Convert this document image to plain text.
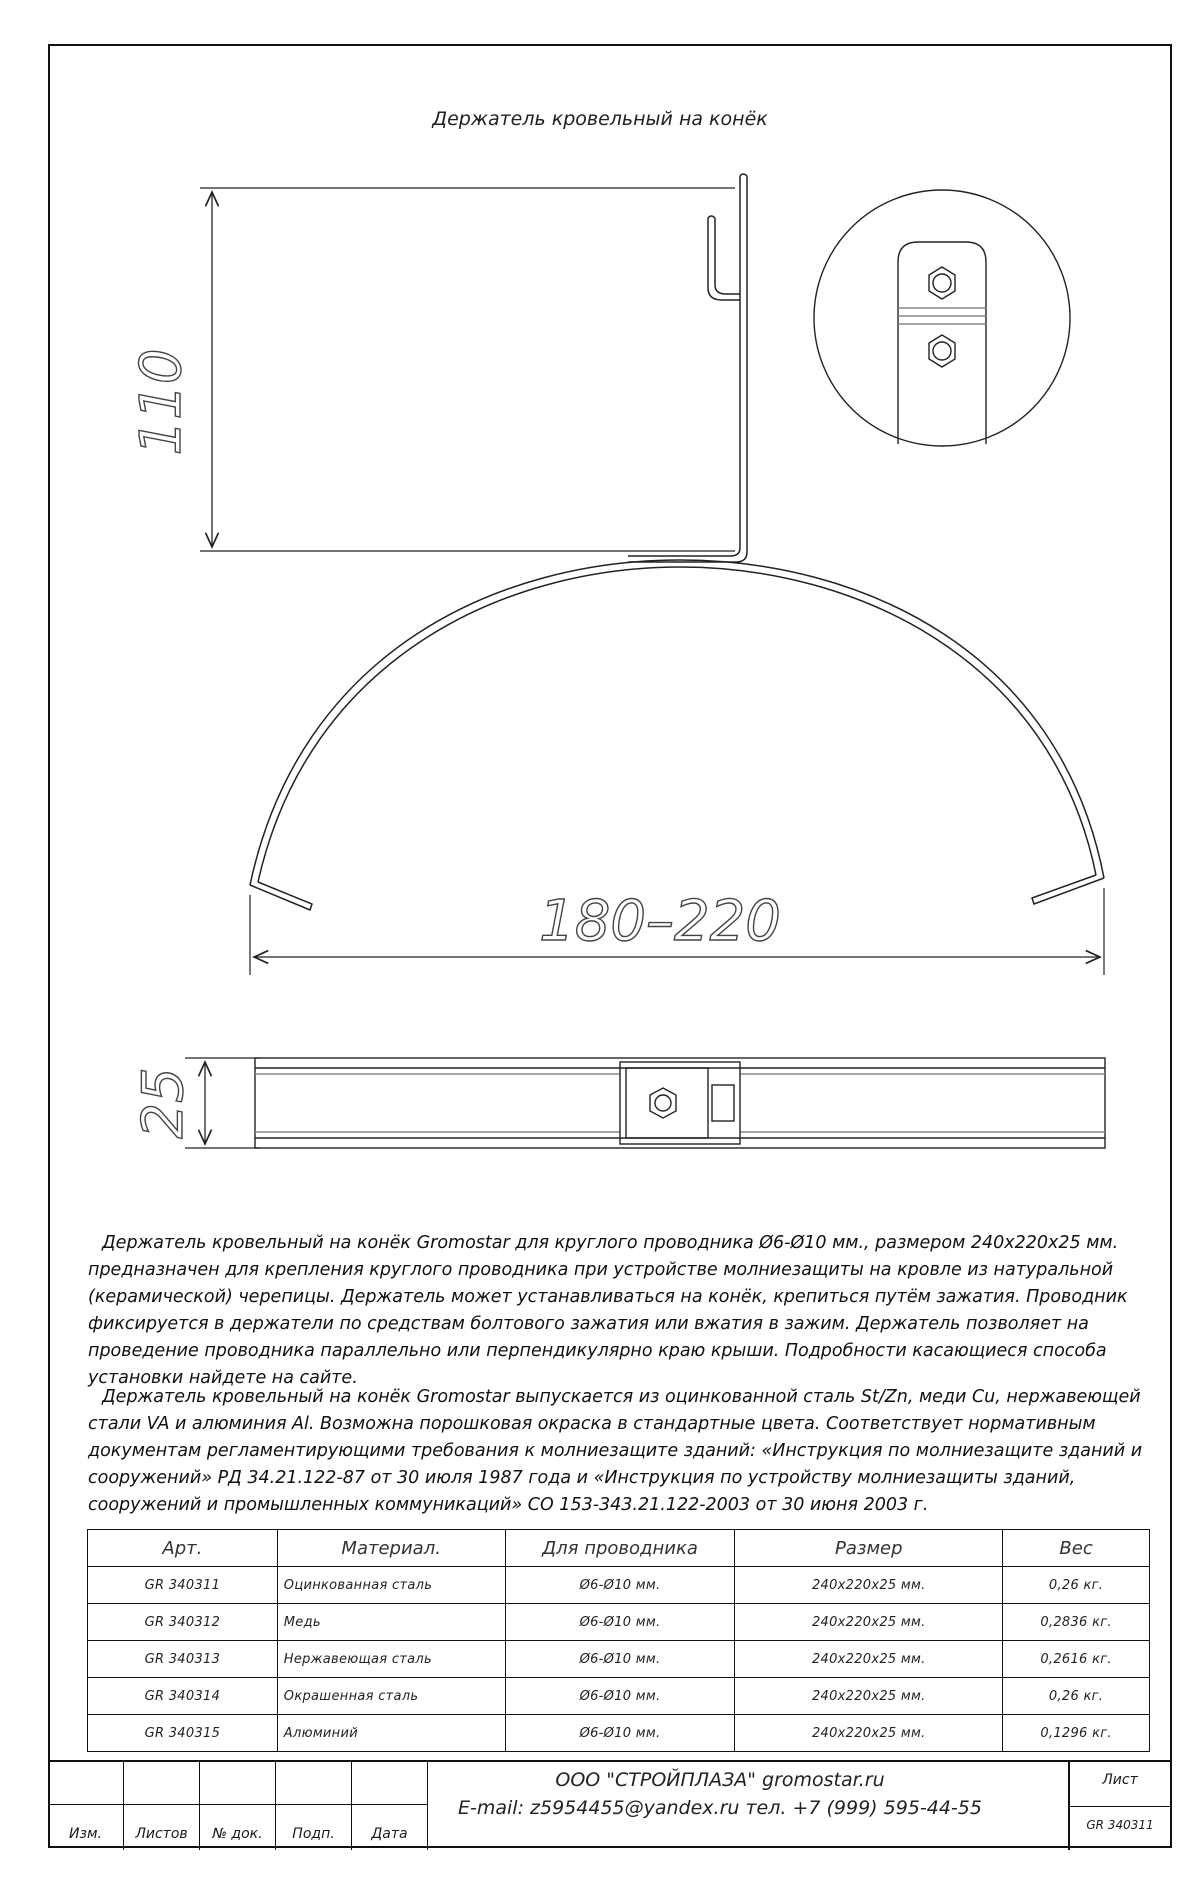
Держатель кровельный на конёк
110
180–220
25

Держатель кровельный на конёк Gromostar для круглого проводника Ø6-Ø10 мм., размером 240x220x25 мм. предназначен для крепления круглого проводника при устройстве молниезащиты на кровле из натуральной (керамической) черепицы. Держатель может устанавливаться на конёк, крепиться путём зажатия. Проводник фиксируется в держатели по средствам болтового зажатия или вжатия в зажим. Держатель позволяет на проведение проводника параллельно или перпендикулярно краю крыши. Подробности касающиеся способа установки найдете на сайте.

Держатель кровельный на конёк Gromostar выпускается из оцинкованной сталь St/Zn, меди Cu, нержавеющей стали VA и алюминия Al. Возможна порошковая окраска в стандартные цвета. Соответствует нормативным документам регламентирующими требования к молниезащите зданий: «Инструкция по молниезащите зданий и сооружений» РД 34.21.122-87 от 30 июля 1987 года и «Инструкция по устройству молниезащиты зданий, сооружений и промышленных коммуникаций» СО 153-343.21.122-2003 от 30 июня 2003 г.

Арт.	Материал.	Для проводника	Размер	Вес
GR 340311	Оцинкованная сталь	Ø6-Ø10 мм.	240x220x25 мм.	0,26 кг.
GR 340312	Медь	Ø6-Ø10 мм.	240x220x25 мм.	0,2836 кг.
GR 340313	Нержавеющая сталь	Ø6-Ø10 мм.	240x220x25 мм.	0,2616 кг.
GR 340314	Окрашенная сталь	Ø6-Ø10 мм.	240x220x25 мм.	0,26 кг.
GR 340315	Алюминий	Ø6-Ø10 мм.	240x220x25 мм.	0,1296 кг.
Изм.	Листов	№ док.	Подп.	Дата
ООО "СТРОЙПЛАЗА" gromostar.ru
E-mail: z5954455@yandex.ru тел. +7 (999) 595-44-55
Лист
GR 340311
